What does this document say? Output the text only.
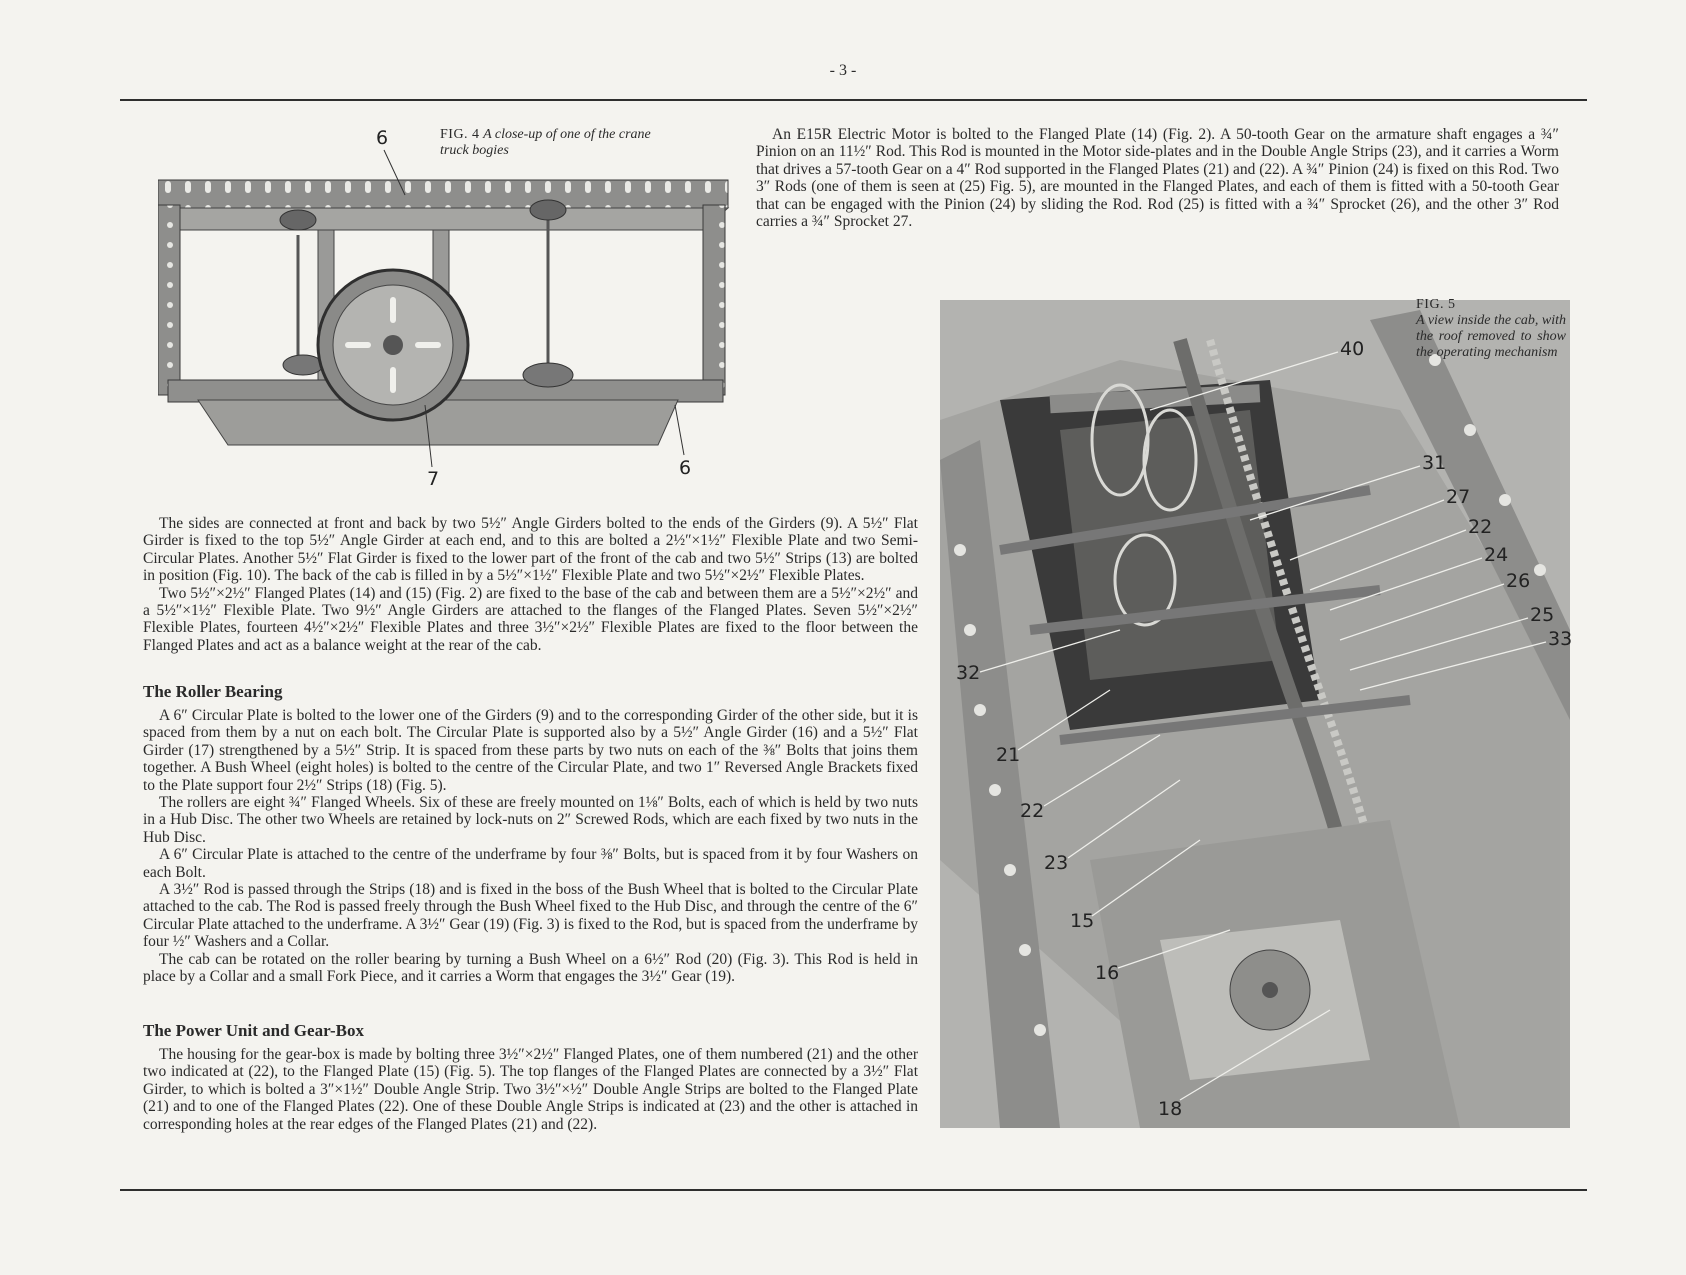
- 3 -
FIG. 4 A close-up of one of the crane truck bogies
6
7	6

An E15R Electric Motor is bolted to the Flanged Plate (14) (Fig. 2). A 50-tooth Gear on the armature shaft engages a ¾″ Pinion on an 11½″ Rod. This Rod is mounted in the Motor side-plates and in the Double Angle Strips (23), and it carries a Worm that drives a 57-tooth Gear on a 4″ Rod supported in the Flanged Plates (21) and (22). A ¾″ Pinion (24) is fixed on this Rod. Two 3″ Rods (one of them is seen at (25) Fig. 5), are mounted in the Flanged Plates, and each of them is fitted with a 50-tooth Gear that can be engaged with the Pinion (24) by sliding the Rod. Rod (25) is fitted with a ¾″ Sprocket (26), and the other 3″ Rod carries a ¾″ Sprocket 27.

FIG. 5
A view inside the cab, with the roof removed to show the operating mechanism
40
31
27
22
24
26
25
33
32
21
22
23
15
16
18

The sides are connected at front and back by two 5½″ Angle Girders bolted to the ends of the Girders (9). A 5½″ Flat Girder is fixed to the top 5½″ Angle Girder at each end, and to this are bolted a 2½″×1½″ Flexible Plate and two Semi-Circular Plates. Another 5½″ Flat Girder is fixed to the lower part of the front of the cab and two 5½″ Strips (13) are bolted in position (Fig. 10). The back of the cab is filled in by a 5½″×1½″ Flexible Plate and two 5½″×2½″ Flexible Plates.

Two 5½″×2½″ Flanged Plates (14) and (15) (Fig. 2) are fixed to the base of the cab and between them are a 5½″×2½″ and a 5½″×1½″ Flexible Plate. Two 9½″ Angle Girders are attached to the flanges of the Flanged Plates. Seven 5½″×2½″ Flexible Plates, fourteen 4½″×2½″ Flexible Plates and three 3½″×2½″ Flexible Plates are fixed to the floor between the Flanged Plates and act as a balance weight at the rear of the cab.

The Roller Bearing

A 6″ Circular Plate is bolted to the lower one of the Girders (9) and to the corresponding Girder of the other side, but it is spaced from them by a nut on each bolt. The Circular Plate is supported also by a 5½″ Angle Girder (16) and a 5½″ Flat Girder (17) strengthened by a 5½″ Strip. It is spaced from these parts by two nuts on each of the ⅜″ Bolts that joins them together. A Bush Wheel (eight holes) is bolted to the centre of the Circular Plate, and two 1″ Reversed Angle Brackets fixed to the Plate support four 2½″ Strips (18) (Fig. 5).

The rollers are eight ¾″ Flanged Wheels. Six of these are freely mounted on 1⅛″ Bolts, each of which is held by two nuts in a Hub Disc. The other two Wheels are retained by lock-nuts on 2″ Screwed Rods, which are each fixed by two nuts in the Hub Disc.

A 6″ Circular Plate is attached to the centre of the underframe by four ⅜″ Bolts, but is spaced from it by four Washers on each Bolt.

A 3½″ Rod is passed through the Strips (18) and is fixed in the boss of the Bush Wheel that is bolted to the Circular Plate attached to the cab. The Rod is passed freely through the Bush Wheel fixed to the Hub Disc, and through the centre of the 6″ Circular Plate attached to the underframe. A 3½″ Gear (19) (Fig. 3) is fixed to the Rod, but is spaced from the underframe by four ½″ Washers and a Collar.

The cab can be rotated on the roller bearing by turning a Bush Wheel on a 6½″ Rod (20) (Fig. 3). This Rod is held in place by a Collar and a small Fork Piece, and it carries a Worm that engages the 3½″ Gear (19).

The Power Unit and Gear-Box

The housing for the gear-box is made by bolting three 3½″×2½″ Flanged Plates, one of them numbered (21) and the other two indicated at (22), to the Flanged Plate (15) (Fig. 5). The top flanges of the Flanged Plates are connected by a 3½″ Flat Girder, to which is bolted a 3″×1½″ Double Angle Strip. Two 3½″×½″ Double Angle Strips are bolted to the Flanged Plate (21) and to one of the Flanged Plates (22). One of these Double Angle Strips is indicated at (23) and the other is attached in corresponding holes at the rear edges of the Flanged Plates (21) and (22).
